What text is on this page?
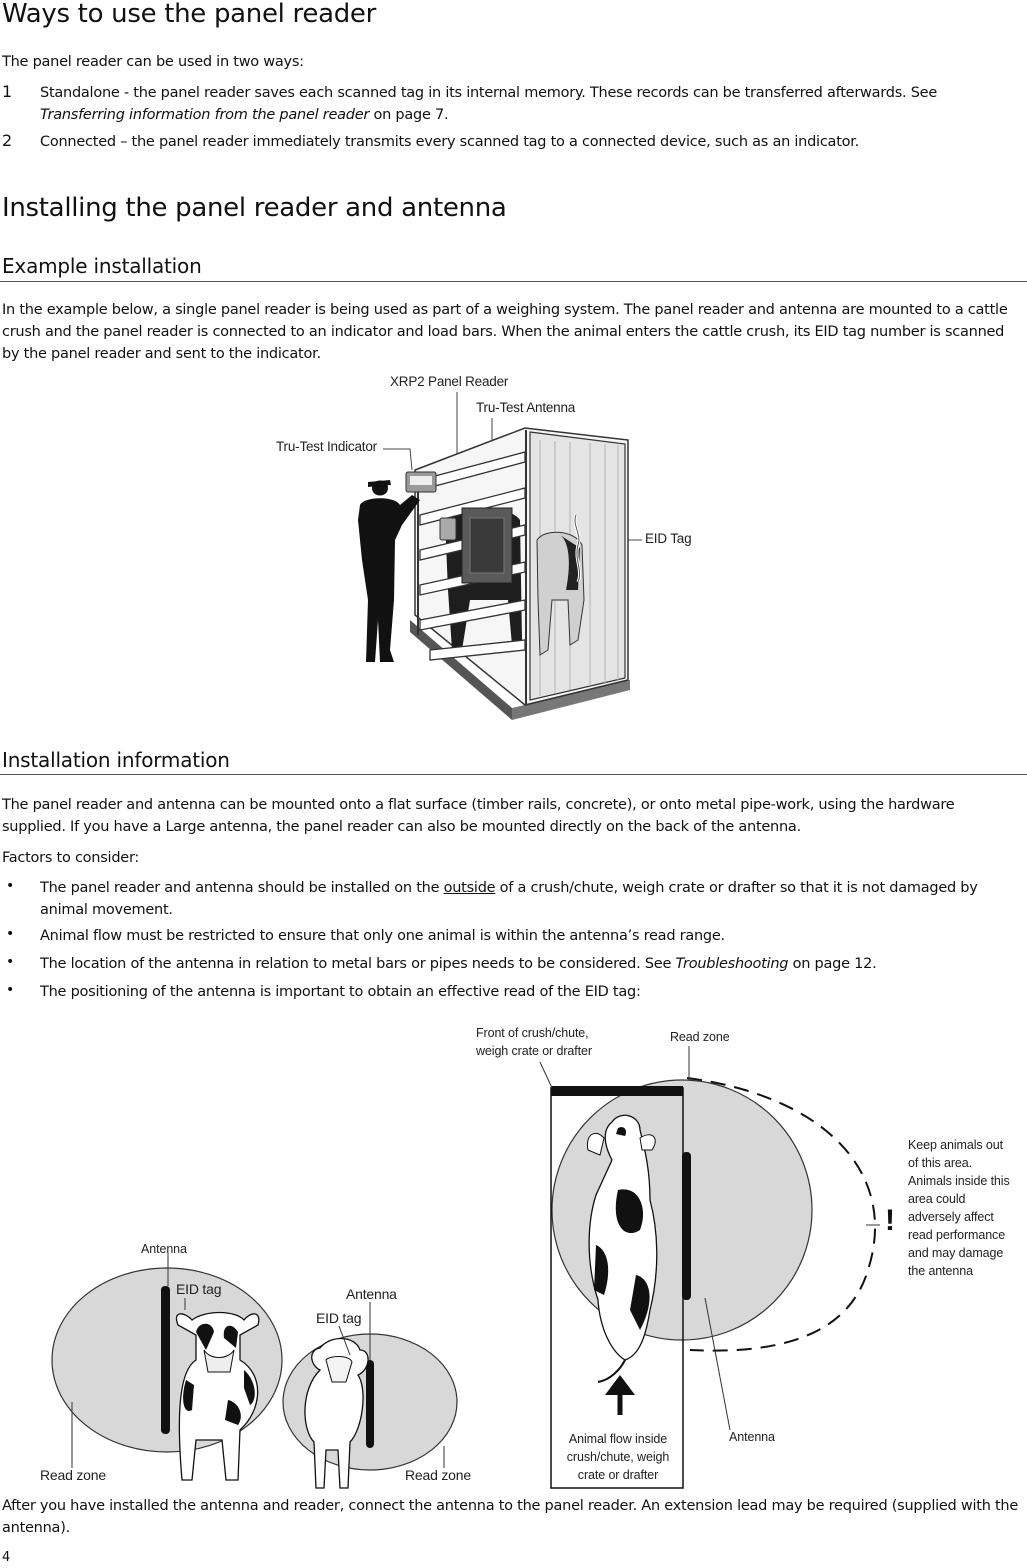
Ways to use the panel reader

The panel reader can be used in two ways:

1 Standalone - the panel reader saves each scanned tag in its internal memory. These records can be transferred afterwards. See Transferring information from the panel reader on page 7.

2 Connected – the panel reader immediately transmits every scanned tag to a connected device, such as an indicator.

Installing the panel reader and antenna
Example installation

In the example below, a single panel reader is being used as part of a weighing system. The panel reader and antenna are mounted to a cattle crush and the panel reader is connected to an indicator and load bars. When the animal enters the cattle crush, its EID tag number is scanned by the panel reader and sent to the indicator.

XRP2 Panel Reader
Tru-Test Antenna
Tru-Test Indicator
EID Tag
Installation information

The panel reader and antenna can be mounted onto a flat surface (timber rails, concrete), or onto metal pipe-work, using the hardware supplied. If you have a Large antenna, the panel reader can also be mounted directly on the back of the antenna.

Factors to consider:

• The panel reader and antenna should be installed on the outside of a crush/chute, weigh crate or drafter so that it is not damaged by animal movement.

• Animal flow must be restricted to ensure that only one animal is within the antenna’s read range.

• The location of the antenna in relation to metal bars or pipes needs to be considered. See Troubleshooting on page 12.

• The positioning of the antenna is important to obtain an effective read of the EID tag:

Antenna
EID tag
Read zone
Antenna
EID tag
Read zone
Front of crush/chute, weigh crate or drafter
Read zone
Keep animals out of this area. Animals inside this area could adversely affect read performance and may damage the antenna
!
Animal flow inside crush/chute, weigh crate or drafter
Antenna

After you have installed the antenna and reader, connect the antenna to the panel reader. An extension lead may be required (supplied with the antenna).

4
